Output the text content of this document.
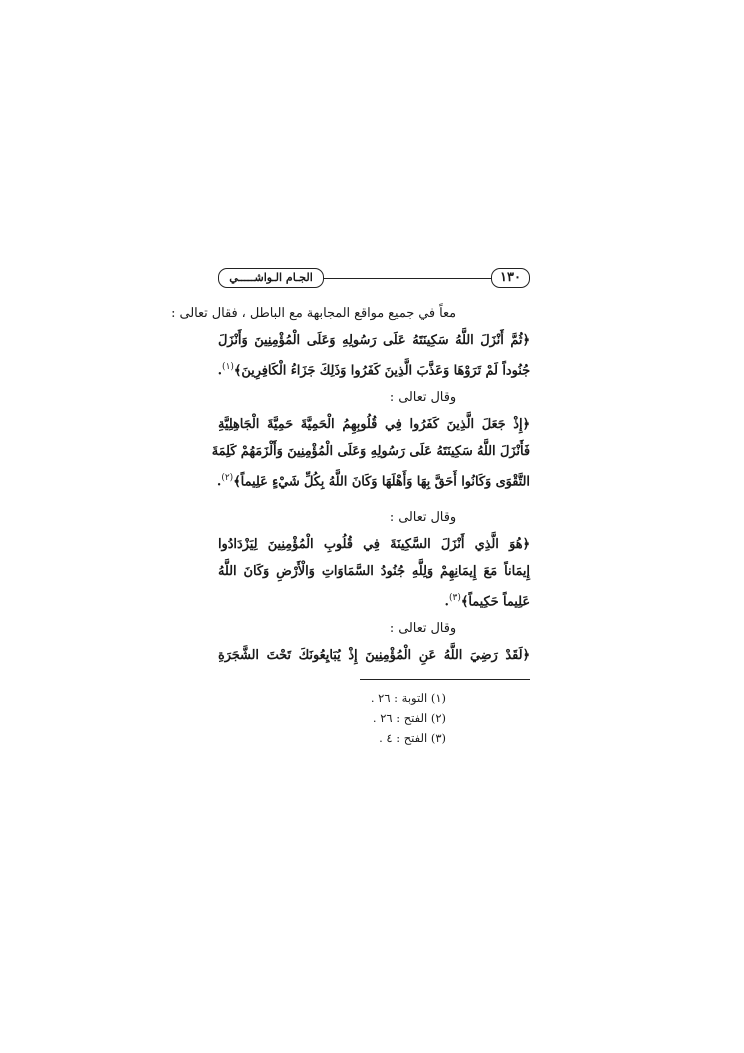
١٣٠
الجـام الـواشـــــي
معاً في جميع مواقع المجابهة مع الباطل ، فقال تعالى :
﴿ثُمَّ أَنْزَلَ اللَّهُ سَكِينَتَهُ عَلَى رَسُولِهِ وَعَلَى الْمُؤْمِنِينَ وَأَنْزَلَ
جُنُوداً لَمْ تَرَوْهَا وَعَذَّبَ الَّذِينَ كَفَرُوا وَذَلِكَ جَزَاءُ الْكَافِرِينَ﴾$^{(١)}$.
وقال تعالى :
﴿إِذْ جَعَلَ الَّذِينَ كَفَرُوا فِي قُلُوبِهِمُ الْحَمِيَّةَ حَمِيَّةَ الْجَاهِلِيَّةِ
فَأَنْزَلَ اللَّهُ سَكِينَتَهُ عَلَى رَسُولِهِ وَعَلَى الْمُؤْمِنِينَ وَأَلْزَمَهُمْ كَلِمَةَ
التَّقْوَى وَكَانُوا أَحَقَّ بِهَا وَأَهْلَهَا وَكَانَ اللَّهُ بِكُلِّ شَيْءٍ عَلِيماً﴾$^{(٢)}$.
وقال تعالى :
﴿هُوَ الَّذِي أَنْزَلَ السَّكِينَةَ فِي قُلُوبِ الْمُؤْمِنِينَ لِيَزْدَادُوا
إِيمَاناً مَعَ إِيمَانِهِمْ وَلِلَّهِ جُنُودُ السَّمَاوَاتِ وَالْأَرْضِ وَكَانَ اللَّهُ
عَلِيماً حَكِيماً﴾$^{(٣)}$.
وقال تعالى :
﴿لَقَدْ رَضِيَ اللَّهُ عَنِ الْمُؤْمِنِينَ إِذْ يُبَايِعُونَكَ تَحْتَ الشَّجَرَةِ
(١) التوبة : ٢٦ .
(٢) الفتح : ٢٦ .
(٣) الفتح : ٤ .
